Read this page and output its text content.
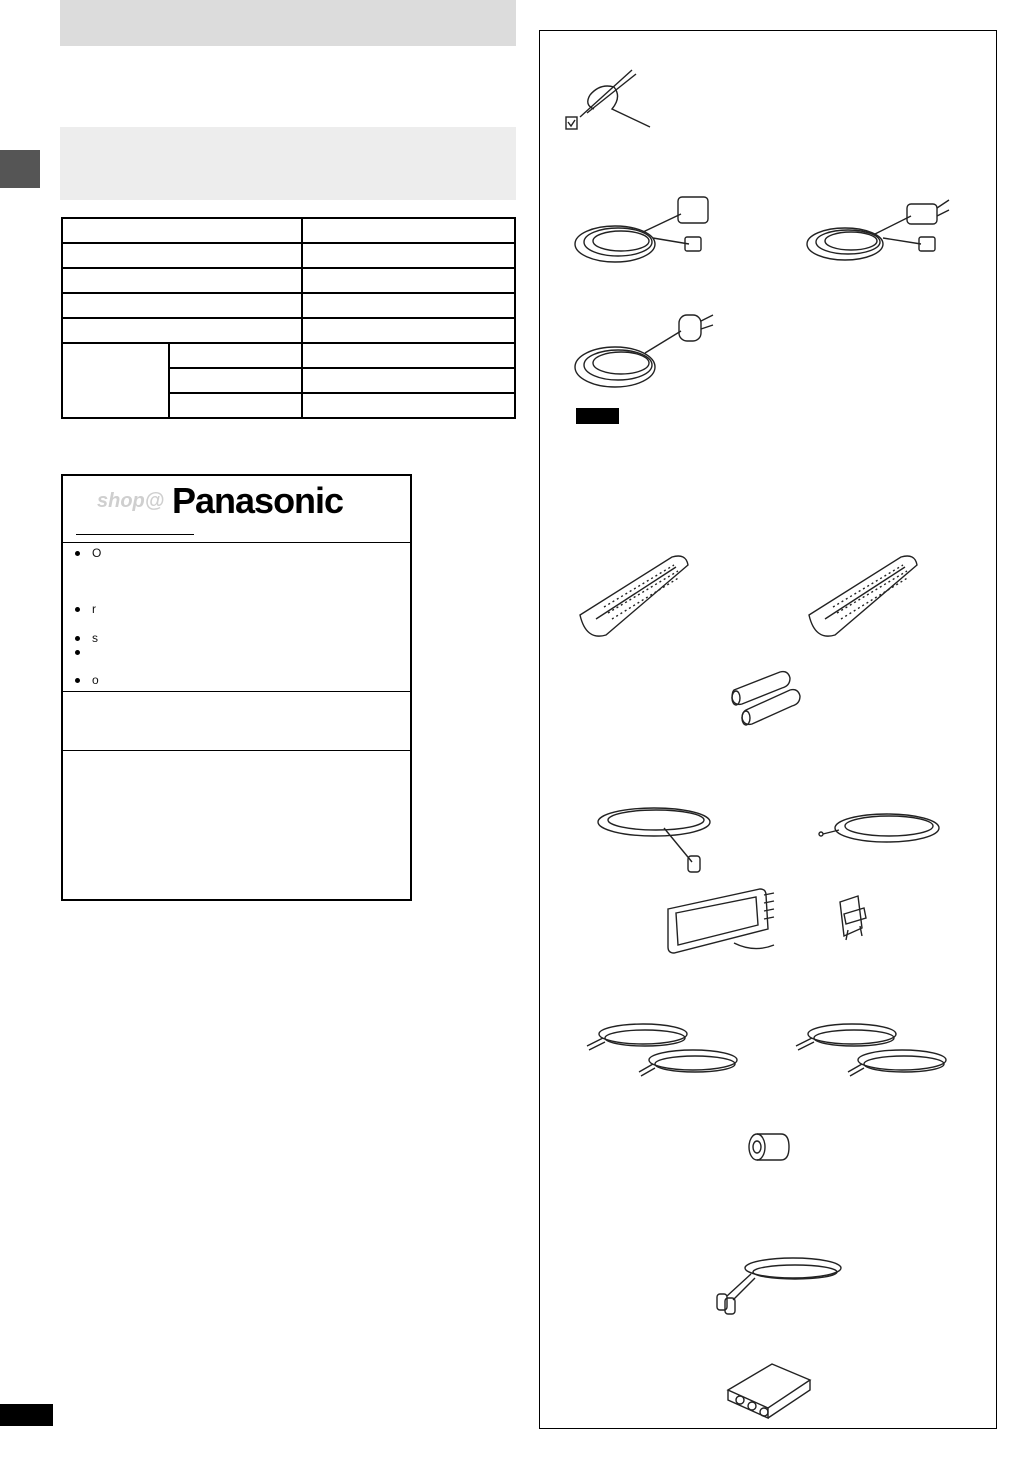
shop@ Panasonic
O
r
s
o
